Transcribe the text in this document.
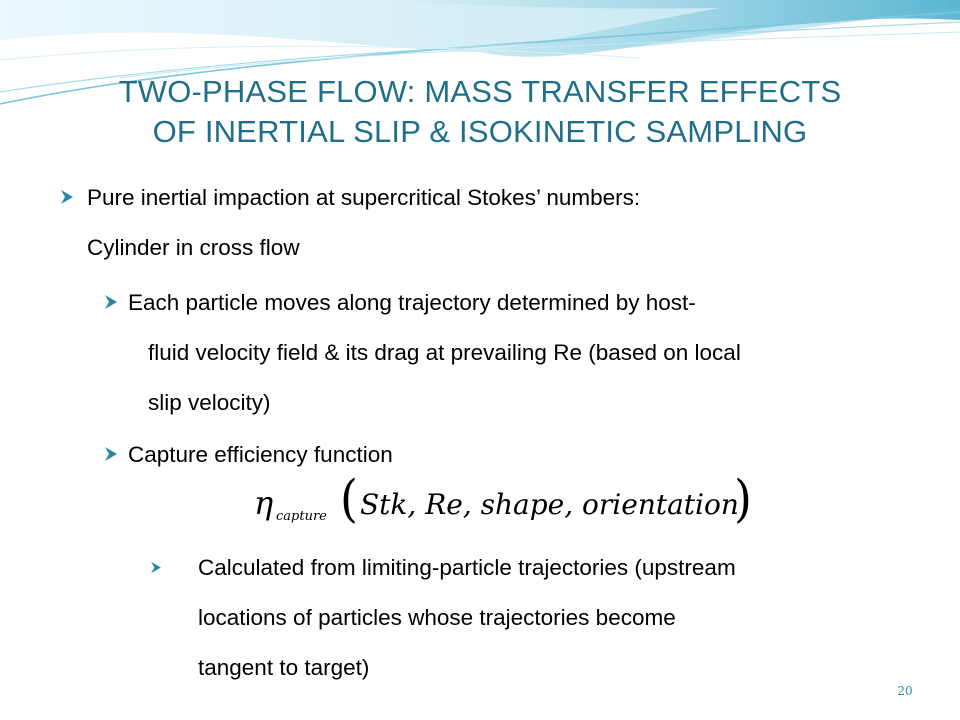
TWO-PHASE FLOW: MASS TRANSFER EFFECTS
OF INERTIAL SLIP & ISOKINETIC SAMPLING
Pure inertial impaction at supercritical Stokes’ numbers:
Cylinder in cross flow
Each particle moves along trajectory determined by host-
fluid velocity field & its drag at prevailing Re (based on local
slip velocity)
Capture efficiency function
η capture ( Stk, Re, shape, orientation
)
Calculated from limiting-particle trajectories (upstream
locations of particles whose trajectories become
tangent to target)
20
